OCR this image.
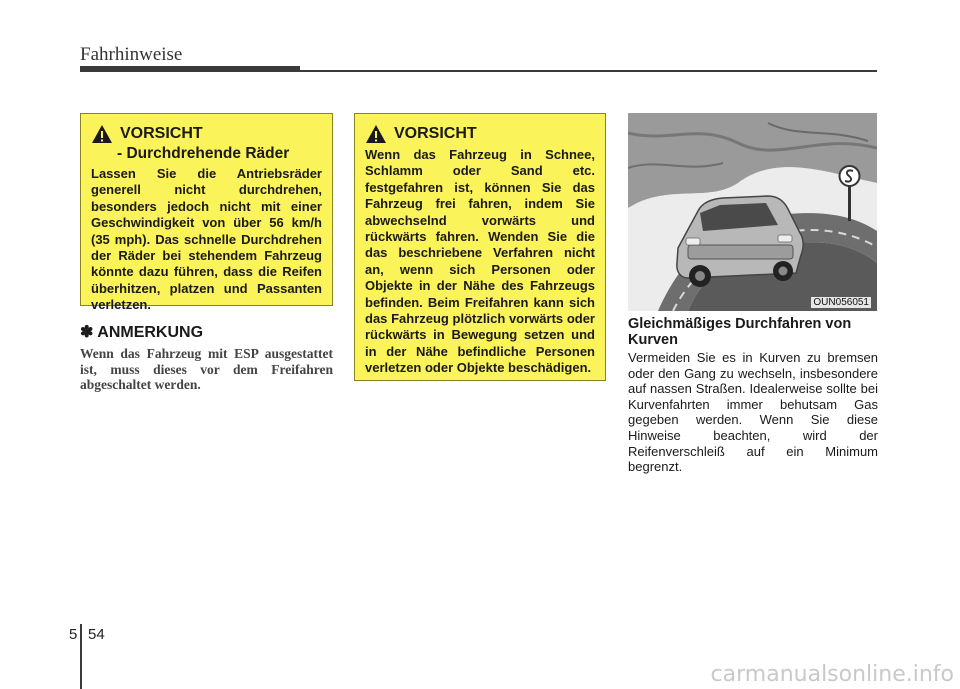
Fahrhinweise
VORSICHT
- Durchdrehende Räder
Lassen Sie die Antriebsräder generell nicht durchdrehen, besonders jedoch nicht mit einer Geschwindigkeit von über 56 km/h (35 mph). Das schnelle Durchdrehen der Räder bei stehendem Fahrzeug könnte dazu führen, dass die Reifen überhitzen, platzen und Passanten verletzen.
✽ ANMERKUNG
Wenn das Fahrzeug mit ESP ausgestattet ist, muss dieses vor dem Freifahren abgeschaltet werden.
VORSICHT
Wenn das Fahrzeug in Schnee, Schlamm oder Sand etc. festgefahren ist, können Sie das Fahrzeug frei fahren, indem Sie abwechselnd vorwärts und rückwärts fahren. Wenden Sie die das beschriebene Verfahren nicht an, wenn sich Personen oder Objekte in der Nähe des Fahrzeugs befinden. Beim Freifahren kann sich das Fahrzeug plötzlich vorwärts oder rückwärts in Bewegung setzen und in der Nähe befindliche Personen verletzen oder Objekte beschädigen.
OUN056051
Gleichmäßiges Durchfahren von Kurven
Vermeiden Sie es in Kurven zu bremsen oder den Gang zu wechseln, insbesondere auf nassen Straßen. Idealerweise sollte bei Kurvenfahrten immer behutsam Gas gegeben werden. Wenn Sie diese Hinweise beachten, wird der Reifenverschleiß auf ein Minimum begrenzt.
5 54
carmanualsonline.info
